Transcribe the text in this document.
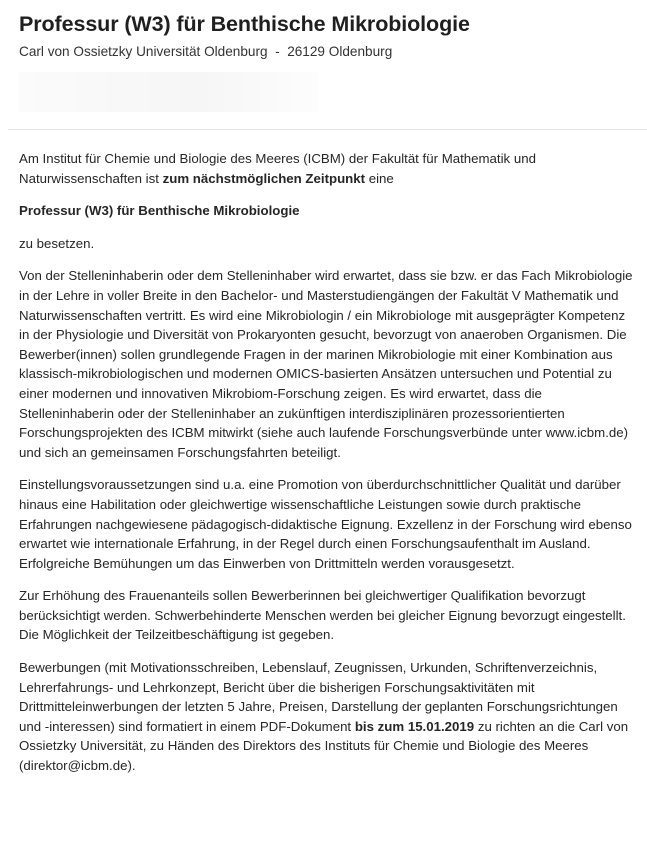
Professur (W3) für Benthische Mikrobiologie
Carl von Ossietzky Universität Oldenburg  -  26129 Oldenburg

Am Institut für Chemie und Biologie des Meeres (ICBM) der Fakultät für Mathematik und Naturwissenschaften ist zum nächstmöglichen Zeitpunkt eine

Professur (W3) für Benthische Mikrobiologie

zu besetzen.

Von der Stelleninhaberin oder dem Stelleninhaber wird erwartet, dass sie bzw. er das Fach Mikrobiologie in der Lehre in voller Breite in den Bachelor- und Masterstudiengängen der Fakultät V Mathematik und Naturwissenschaften vertritt. Es wird eine Mikrobiologin / ein Mikrobiologe mit ausgeprägter Kompetenz in der Physiologie und Diversität von Prokaryonten gesucht, bevorzugt von anaeroben Organismen. Die Bewerber(innen) sollen grundlegende Fragen in der marinen Mikrobiologie mit einer Kombination aus klassisch-mikrobiologischen und modernen OMICS-basierten Ansätzen untersuchen und Potential zu einer modernen und innovativen Mikrobiom-Forschung zeigen. Es wird erwartet, dass die Stelleninhaberin oder der Stelleninhaber an zukünftigen interdisziplinären prozessorientierten Forschungsprojekten des ICBM mitwirkt (siehe auch laufende Forschungsverbünde unter www.icbm.de) und sich an gemeinsamen Forschungsfahrten beteiligt.

Einstellungsvoraussetzungen sind u.a. eine Promotion von überdurchschnittlicher Qualität und darüber hinaus eine Habilitation oder gleichwertige wissenschaftliche Leistungen sowie durch praktische Erfahrungen nachgewiesene pädagogisch-didaktische Eignung. Exzellenz in der Forschung wird ebenso erwartet wie internationale Erfahrung, in der Regel durch einen Forschungsaufenthalt im Ausland. Erfolgreiche Bemühungen um das Einwerben von Drittmitteln werden vorausgesetzt.

Zur Erhöhung des Frauenanteils sollen Bewerberinnen bei gleichwertiger Qualifikation bevorzugt berücksichtigt werden. Schwerbehinderte Menschen werden bei gleicher Eignung bevorzugt eingestellt. Die Möglichkeit der Teilzeitbeschäftigung ist gegeben.

Bewerbungen (mit Motivationsschreiben, Lebenslauf, Zeugnissen, Urkunden, Schriftenverzeichnis, Lehrerfahrungs- und Lehrkonzept, Bericht über die bisherigen Forschungsaktivitäten mit Drittmitteleinwerbungen der letzten 5 Jahre, Preisen, Darstellung der geplanten Forschungsrichtungen und -interessen) sind formatiert in einem PDF-Dokument bis zum 15.01.2019 zu richten an die Carl von Ossietzky Universität, zu Händen des Direktors des Instituts für Chemie und Biologie des Meeres (direktor@icbm.de).
